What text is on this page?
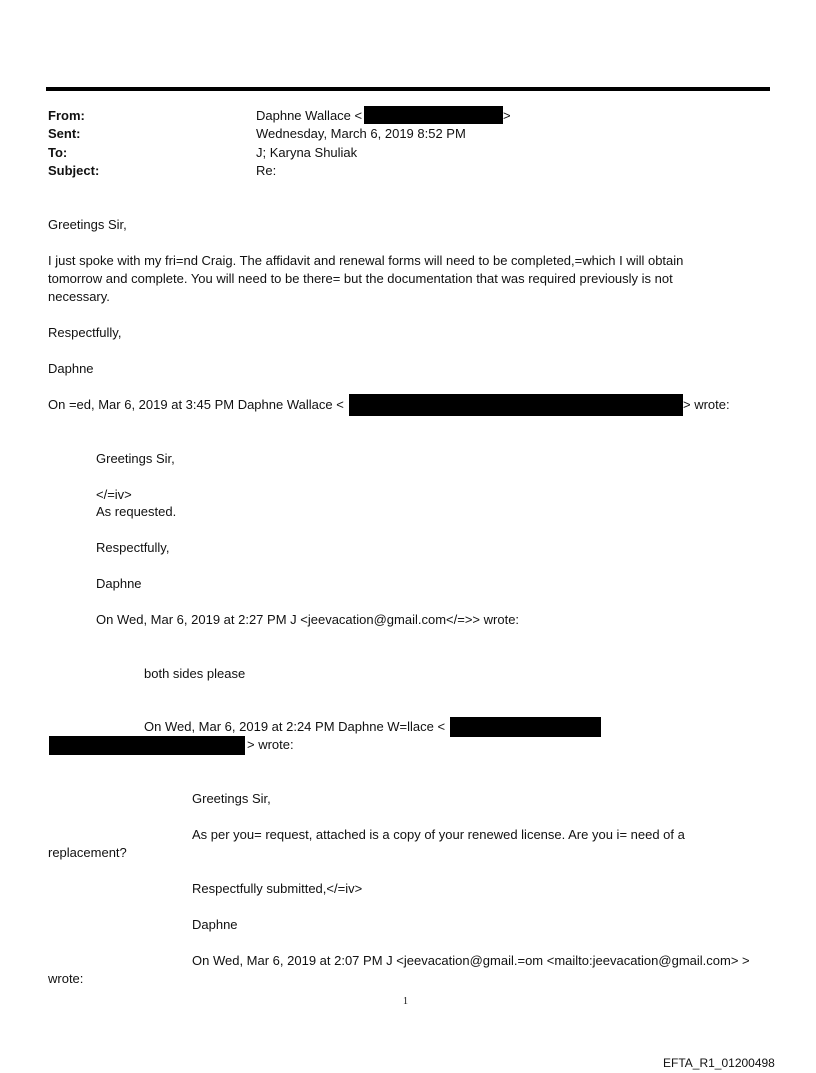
From:	Daphne Wallace <	>
Sent:	Wednesday, March 6, 2019 8:52 PM
To:	J; Karyna Shuliak
Subject:	Re:
Greetings Sir,
I just spoke with my fri=nd Craig. The affidavit and renewal forms will need to be completed,=which I will obtain
tomorrow and complete. You will need to be there= but the documentation that was required previously is not
necessary.
Respectfully,
Daphne
On =ed, Mar 6, 2019 at 3:45 PM Daphne Wallace <	> wrote:
Greetings Sir,
</=iv>
As requested.
Respectfully,
Daphne
On Wed, Mar 6, 2019 at 2:27 PM J <jeevacation@gmail.com</=>> wrote:
both sides please
On Wed, Mar 6, 2019 at 2:24 PM Daphne W=llace <
> wrote:
Greetings Sir,
As per you= request, attached is a copy of your renewed license. Are you i= need of a
replacement?
Respectfully submitted,</=iv>
Daphne
On Wed, Mar 6, 2019 at 2:07 PM J <jeevacation@gmail.=om <mailto:jeevacation@gmail.com> >
wrote:
1
EFTA_R1_01200498
